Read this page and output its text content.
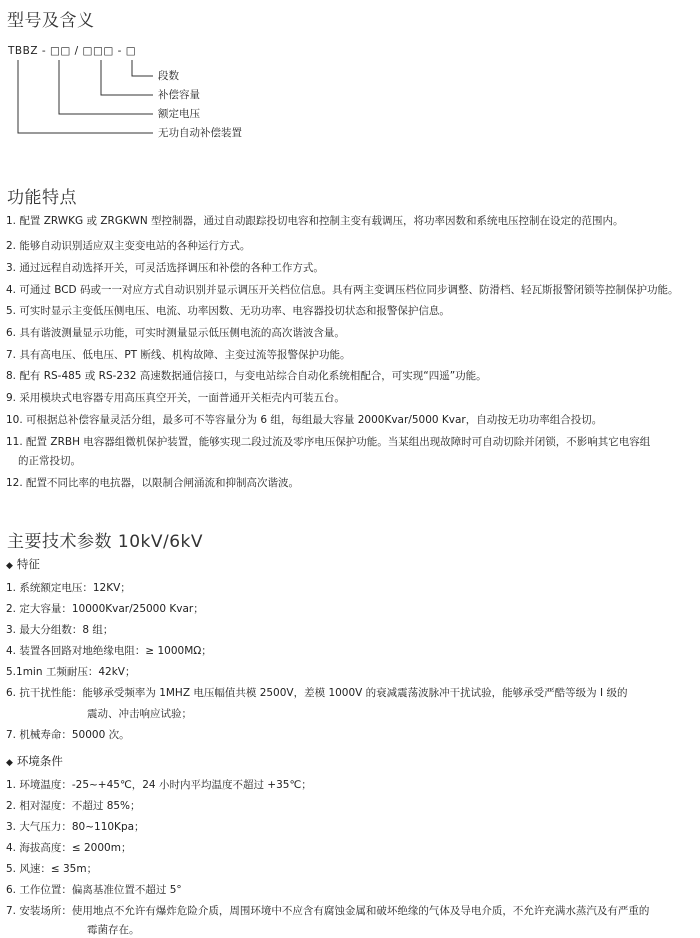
型号及含义
TBBZ - □□ / □□□ - □
段数
补偿容量
额定电压
无功自动补偿装置
功能特点
1. 配置 ZRWKG 或 ZRGKWN 型控制器，通过自动跟踪投切电容和控制主变有载调压，将功率因数和系统电压控制在设定的范围内。
2. 能够自动识别适应双主变变电站的各种运行方式。
3. 通过远程自动选择开关，可灵活选择调压和补偿的各种工作方式。
4. 可通过 BCD 码或一一对应方式自动识别并显示调压开关档位信息。具有两主变调压档位同步调整、防滑档、轻瓦斯报警闭锁等控制保护功能。
5. 可实时显示主变低压侧电压、电流、功率因数、无功功率、电容器投切状态和报警保护信息。
6. 具有谐波测量显示功能，可实时测量显示低压侧电流的高次谐波含量。
7. 具有高电压、低电压、PT 断线、机构故障、主变过流等报警保护功能。
8. 配有 RS-485 或 RS-232 高速数据通信接口，与变电站综合自动化系统相配合，可实现“四遥”功能。
9. 采用模块式电容器专用高压真空开关，一面普通开关柜壳内可装五台。
10. 可根据总补偿容量灵活分组，最多可不等容量分为 6 组，每组最大容量 2000Kvar/5000 Kvar，自动按无功功率组合投切。
11. 配置 ZRBH 电容器组微机保护装置，能够实现二段过流及零序电压保护功能。当某组出现故障时可自动切除并闭锁，不影响其它电容组
的正常投切。
12. 配置不同比率的电抗器，以限制合闸涌流和抑制高次谐波。
主要技术参数 10kV/6kV
◆ 特征
1. 系统额定电压：12KV；
2. 定大容量：10000Kvar/25000 Kvar；
3. 最大分组数：8 组；
4. 装置各回路对地绝缘电阻：≥ 1000MΩ；
5.1min 工频耐压：42kV；
6. 抗干扰性能：能够承受频率为 1MHZ 电压幅值共模 2500V，差模 1000V 的衰减震荡波脉冲干扰试验，能够承受严酷等级为 I 级的
震动、冲击响应试验；
7. 机械寿命：50000 次。
◆ 环境条件
1. 环境温度：-25~+45℃，24 小时内平均温度不超过 +35℃；
2. 相对湿度：不超过 85%；
3. 大气压力：80~110Kpa；
4. 海拔高度：≤ 2000m；
5. 风速：≤ 35m；
6. 工作位置：偏离基准位置不超过 5°
7. 安装场所：使用地点不允许有爆炸危险介质，周围环境中不应含有腐蚀金属和破坏绝缘的气体及导电介质，不允许充满水蒸汽及有严重的
霉菌存在。
